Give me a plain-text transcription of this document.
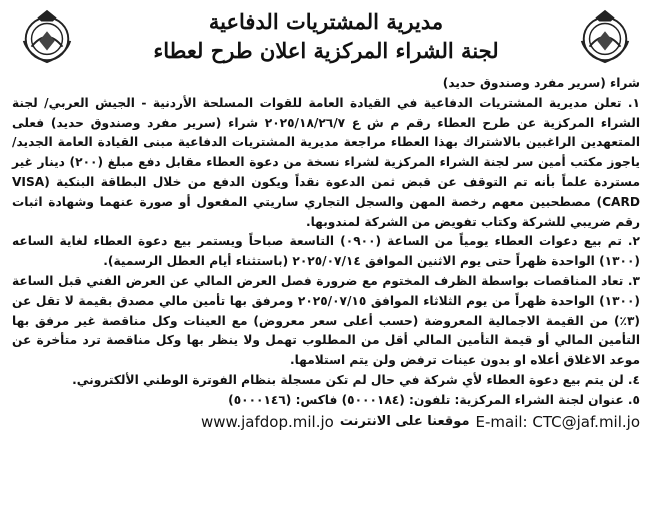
مديرية المشتريات الدفاعية
لجنة الشراء المركزية اعلان طرح لعطاء

شراء (سرير مفرد وصندوق حديد)

١. تعلن مديرية المشتريات الدفاعية في القيادة العامة للقوات المسلحة الأردنية - الجيش العربي/ لجنة الشراء المركزية عن طرح العطاء رقم م ش ع ٢٠٢٥/١٨/٢٦/٧ شراء (سرير مفرد وصندوق حديد) فعلى المتعهدين الراغبين بالاشتراك بهذا العطاء مراجعة مديرية المشتريات الدفاعية مبنى القيادة العامة الجديد/ ياجوز مكتب أمين سر لجنة الشراء المركزية لشراء نسخة من دعوة العطاء مقابل دفع مبلغ (٢٠٠) دينار غير مستردة علماً بأنه تم التوقف عن قبض ثمن الدعوة نقداً ويكون الدفع من خلال البطاقة البنكية (VISA CARD) مصطحبين معهم رخصة المهن والسجل التجاري ساريتي المفعول أو صورة عنهما وشهادة اثبات رقم ضريبي للشركة وكتاب تفويض من الشركة لمندوبها.

٢. تم بيع دعوات العطاء يومياً من الساعة (٠٩٠٠) التاسعة صباحاً ويستمر بيع دعوة العطاء لغاية الساعه (١٣٠٠) الواحدة ظهراً حتى يوم الاثنين الموافق ٢٠٢٥/٠٧/١٤ (باستثناء أيام العطل الرسمية).

٣. تعاد المناقصات بواسطة الظرف المختوم مع ضرورة فصل العرض المالي عن العرض الفني قبل الساعة (١٣٠٠) الواحدة ظهراً من يوم الثلاثاء الموافق ٢٠٢٥/٠٧/١٥ ومرفق بها تأمين مالي مصدق بقيمة لا تقل عن (٣٪) من القيمة الاجمالية المعروضة (حسب أعلى سعر معروض) مع العينات وكل مناقصة غير مرفق بها التأمين المالي أو قيمة التأمين المالي أقل من المطلوب تهمل ولا ينظر بها وكل مناقصة ترد متأخرة عن موعد الاغلاق أعلاه او بدون عينات ترفض ولن يتم استلامها.

٤. لن يتم بيع دعوة العطاء لأي شركة في حال لم تكن مسجلة بنظام الفوترة الوطني الألكتروني.

٥. عنوان لجنة الشراء المركزية: تلفون: (٥٠٠٠١٨٤) فاكس: (٥٠٠٠١٤٦)

E-mail: CTC@jaf.mil.jo
موقعنا على الانترنت
www.jafdop.mil.jo
